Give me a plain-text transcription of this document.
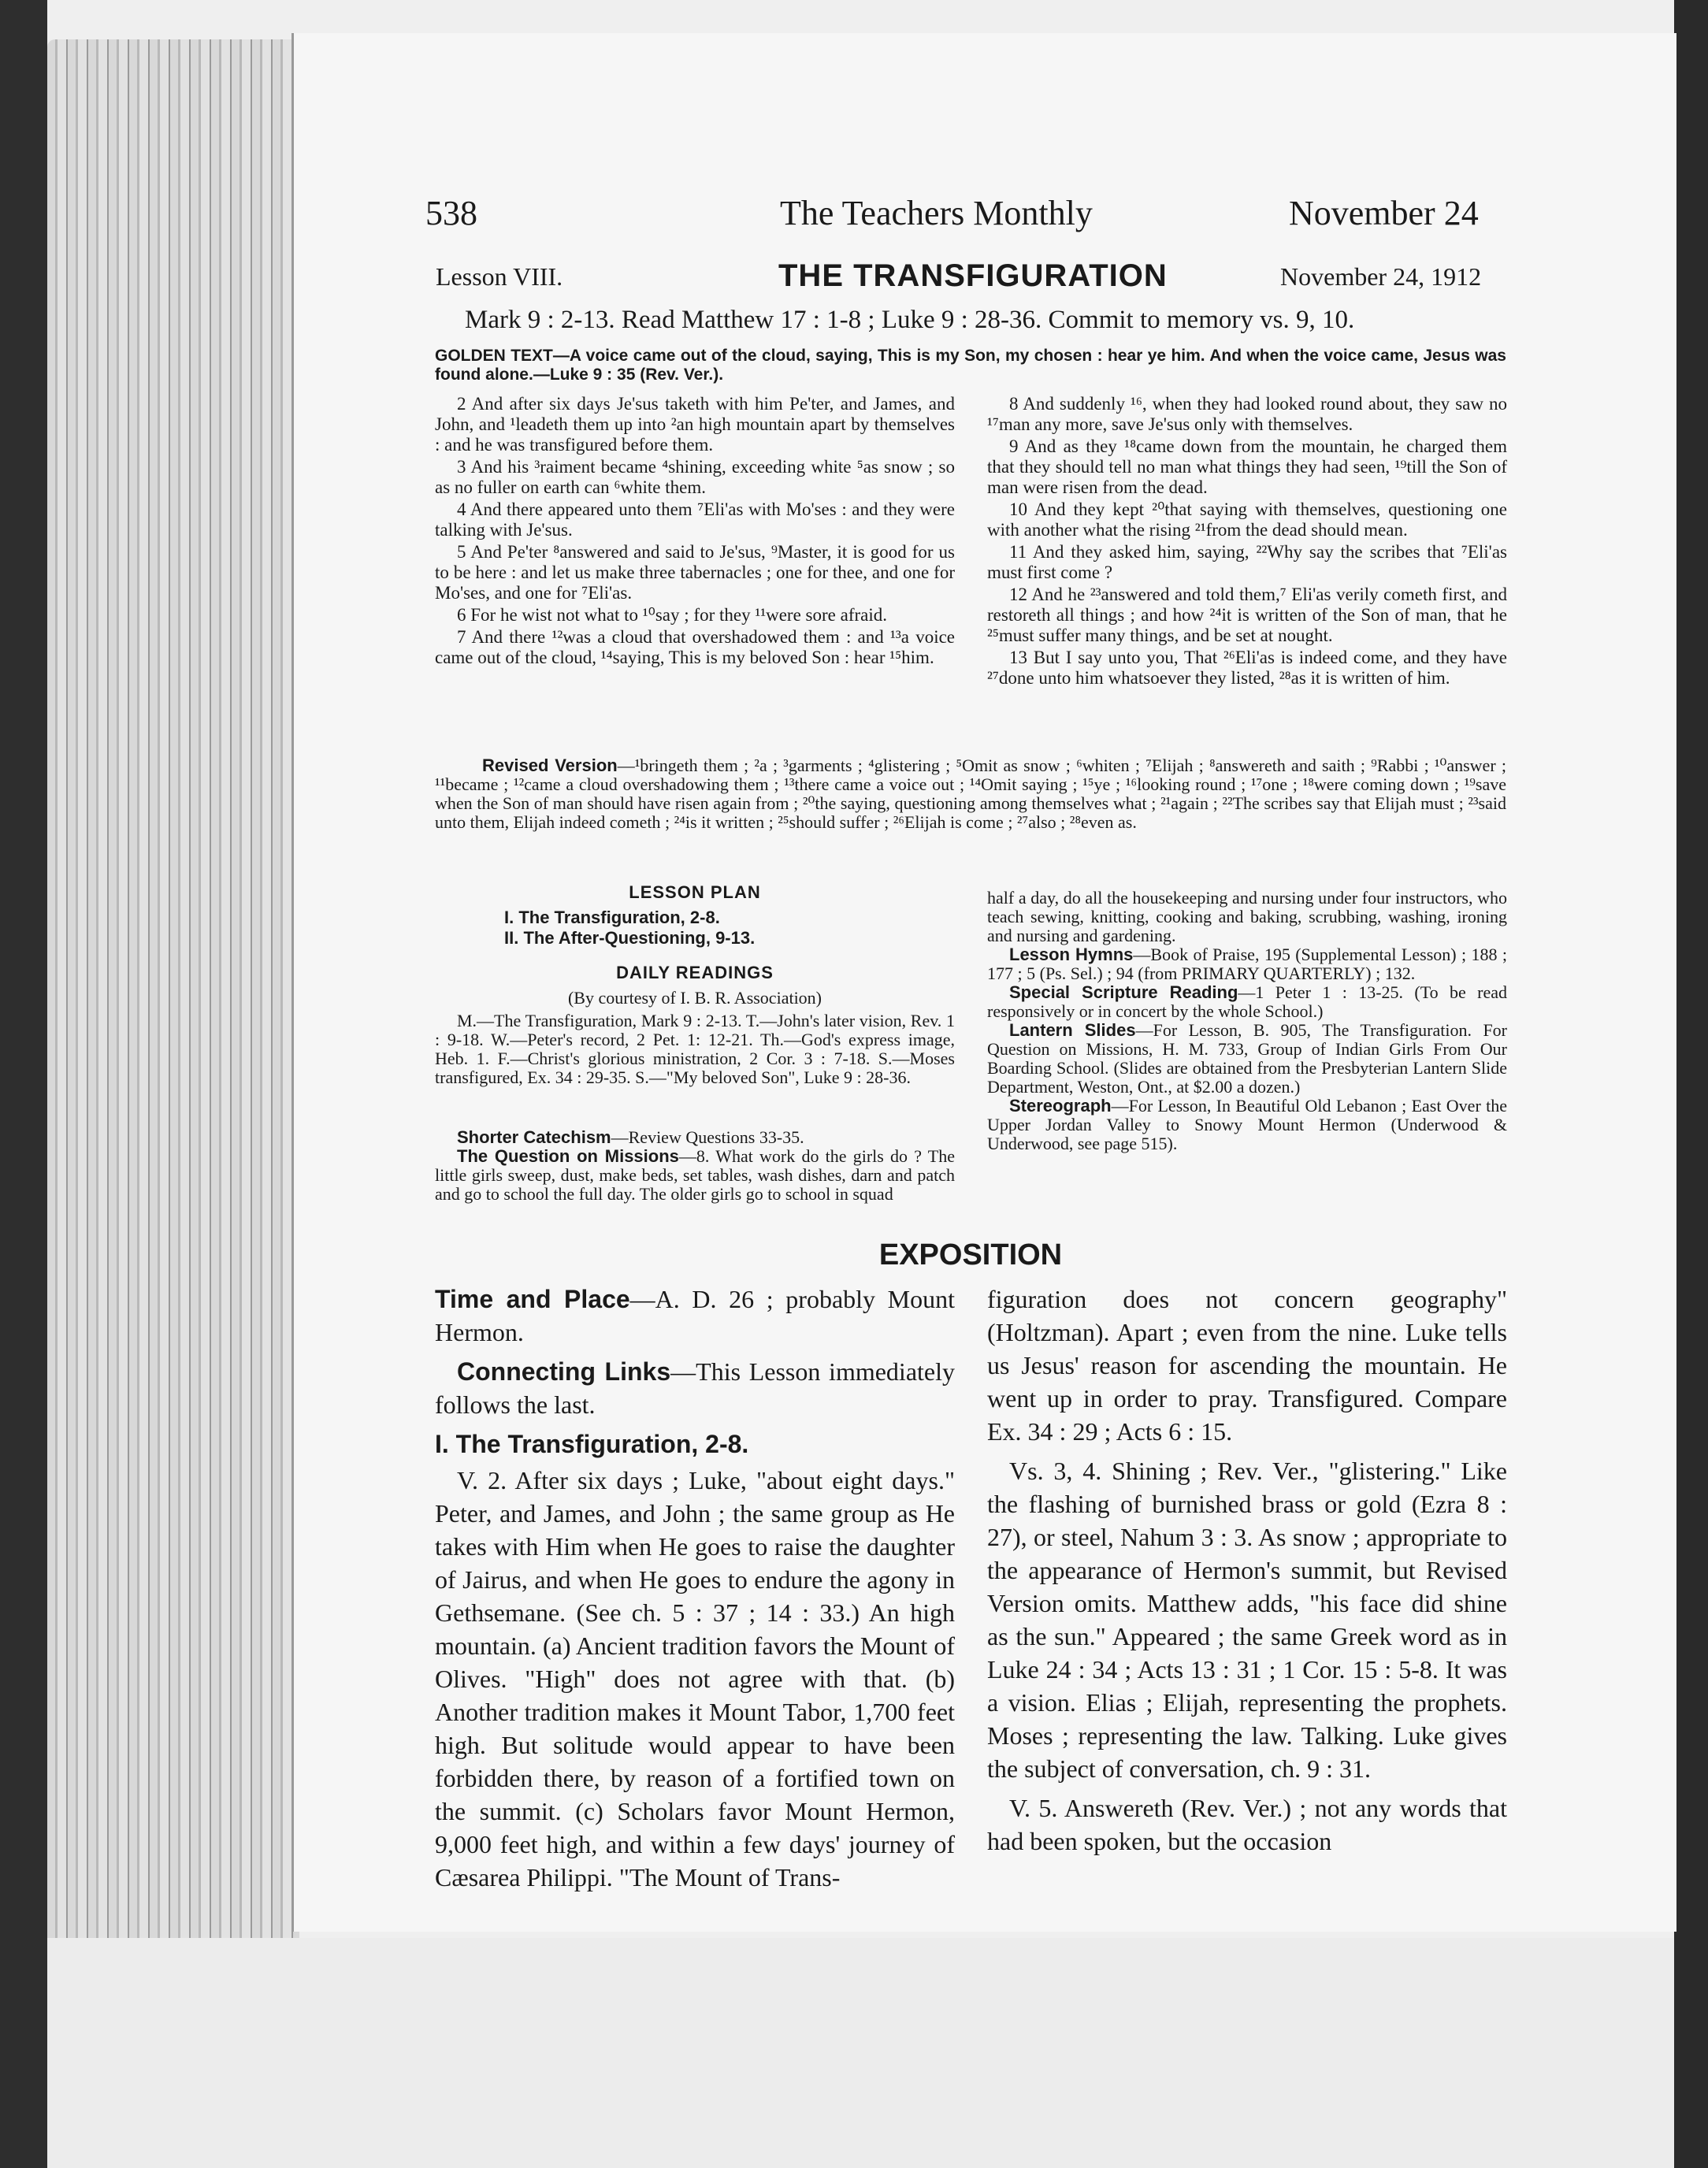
538	The Teachers Monthly	November 24
Lesson VIII.	THE TRANSFIGURATION	November 24, 1912
Mark 9 : 2-13. Read Matthew 17 : 1-8 ; Luke 9 : 28-36. Commit to memory vs. 9, 10.
GOLDEN TEXT—A voice came out of the cloud, saying, This is my Son, my chosen : hear ye him. And when the voice came, Jesus was found alone.—Luke 9 : 35 (Rev. Ver.).

2 And after six days Je'sus taketh with him Pe'ter, and James, and John, and ¹leadeth them up into ²an high mountain apart by themselves : and he was transfigured before them.

3 And his ³raiment became ⁴shining, exceeding white ⁵as snow ; so as no fuller on earth can ⁶white them.

4 And there appeared unto them ⁷Eli'as with Mo'ses : and they were talking with Je'sus.

5 And Pe'ter ⁸answered and said to Je'sus, ⁹Master, it is good for us to be here : and let us make three tabernacles ; one for thee, and one for Mo'ses, and one for ⁷Eli'as.

6 For he wist not what to ¹⁰say ; for they ¹¹were sore afraid.

7 And there ¹²was a cloud that overshadowed them : and ¹³a voice came out of the cloud, ¹⁴saying, This is my beloved Son : hear ¹⁵him.

8 And suddenly ¹⁶, when they had looked round about, they saw no ¹⁷man any more, save Je'sus only with themselves.

9 And as they ¹⁸came down from the mountain, he charged them that they should tell no man what things they had seen, ¹⁹till the Son of man were risen from the dead.

10 And they kept ²⁰that saying with themselves, questioning one with another what the rising ²¹from the dead should mean.

11 And they asked him, saying, ²²Why say the scribes that ⁷Eli'as must first come ?

12 And he ²³answered and told them,⁷ Eli'as verily cometh first, and restoreth all things ; and how ²⁴it is written of the Son of man, that he ²⁵must suffer many things, and be set at nought.

13 But I say unto you, That ²⁶Eli'as is indeed come, and they have ²⁷done unto him whatsoever they listed, ²⁸as it is written of him.

Revised Version—¹bringeth them ; ²a ; ³garments ; ⁴glistering ; ⁵Omit as snow ; ⁶whiten ; ⁷Elijah ; ⁸answereth and saith ; ⁹Rabbi ; ¹⁰answer ; ¹¹became ; ¹²came a cloud overshadowing them ; ¹³there came a voice out ; ¹⁴Omit saying ; ¹⁵ye ; ¹⁶looking round ; ¹⁷one ; ¹⁸were coming down ; ¹⁹save when the Son of man should have risen again from ; ²⁰the saying, questioning among themselves what ; ²¹again ; ²²The scribes say that Elijah must ; ²³said unto them, Elijah indeed cometh ; ²⁴is it written ; ²⁵should suffer ; ²⁶Elijah is come ; ²⁷also ; ²⁸even as.
LESSON PLAN
I. The Transfiguration, 2-8.
II. The After-Questioning, 9-13.
DAILY READINGS
(By courtesy of I. B. R. Association)
M.—The Transfiguration, Mark 9 : 2-13. T.—John's later vision, Rev. 1 : 9-18. W.—Peter's record, 2 Pet. 1: 12-21. Th.—God's express image, Heb. 1. F.—Christ's glorious ministration, 2 Cor. 3 : 7-18. S.—Moses transfigured, Ex. 34 : 29-35. S.—"My beloved Son", Luke 9 : 28-36.

Shorter Catechism—Review Questions 33-35.

The Question on Missions—8. What work do the girls do ? The little girls sweep, dust, make beds, set tables, wash dishes, darn and patch and go to school the full day. The older girls go to school in squad

half a day, do all the housekeeping and nursing under four instructors, who teach sewing, knitting, cooking and baking, scrubbing, washing, ironing and nursing and gardening.

Lesson Hymns—Book of Praise, 195 (Supplemental Lesson) ; 188 ; 177 ; 5 (Ps. Sel.) ; 94 (from PRIMARY QUARTERLY) ; 132.

Special Scripture Reading—1 Peter 1 : 13-25. (To be read responsively or in concert by the whole School.)

Lantern Slides—For Lesson, B. 905, The Transfiguration. For Question on Missions, H. M. 733, Group of Indian Girls From Our Boarding School. (Slides are obtained from the Presbyterian Lantern Slide Department, Weston, Ont., at $2.00 a dozen.)

Stereograph—For Lesson, In Beautiful Old Lebanon ; East Over the Upper Jordan Valley to Snowy Mount Hermon (Underwood & Underwood, see page 515).

EXPOSITION

Time and Place—A. D. 26 ; probably Mount Hermon.

Connecting Links—This Lesson immediately follows the last.

I. The Transfiguration, 2-8.

V. 2. After six days ; Luke, "about eight days." Peter, and James, and John ; the same group as He takes with Him when He goes to raise the daughter of Jairus, and when He goes to endure the agony in Gethsemane. (See ch. 5 : 37 ; 14 : 33.) An high mountain. (a) Ancient tradition favors the Mount of Olives. "High" does not agree with that. (b) Another tradition makes it Mount Tabor, 1,700 feet high. But solitude would appear to have been forbidden there, by reason of a fortified town on the summit. (c) Scholars favor Mount Hermon, 9,000 feet high, and within a few days' journey of Cæsarea Philippi. "The Mount of Trans-

figuration does not concern geography" (Holtzman). Apart ; even from the nine. Luke tells us Jesus' reason for ascending the mountain. He went up in order to pray. Transfigured. Compare Ex. 34 : 29 ; Acts 6 : 15.

Vs. 3, 4. Shining ; Rev. Ver., "glistering." Like the flashing of burnished brass or gold (Ezra 8 : 27), or steel, Nahum 3 : 3. As snow ; appropriate to the appearance of Hermon's summit, but Revised Version omits. Matthew adds, "his face did shine as the sun." Appeared ; the same Greek word as in Luke 24 : 34 ; Acts 13 : 31 ; 1 Cor. 15 : 5-8. It was a vision. Elias ; Elijah, representing the prophets. Moses ; representing the law. Talking. Luke gives the subject of conversation, ch. 9 : 31.

V. 5. Answereth (Rev. Ver.) ; not any words that had been spoken, but the occasion
